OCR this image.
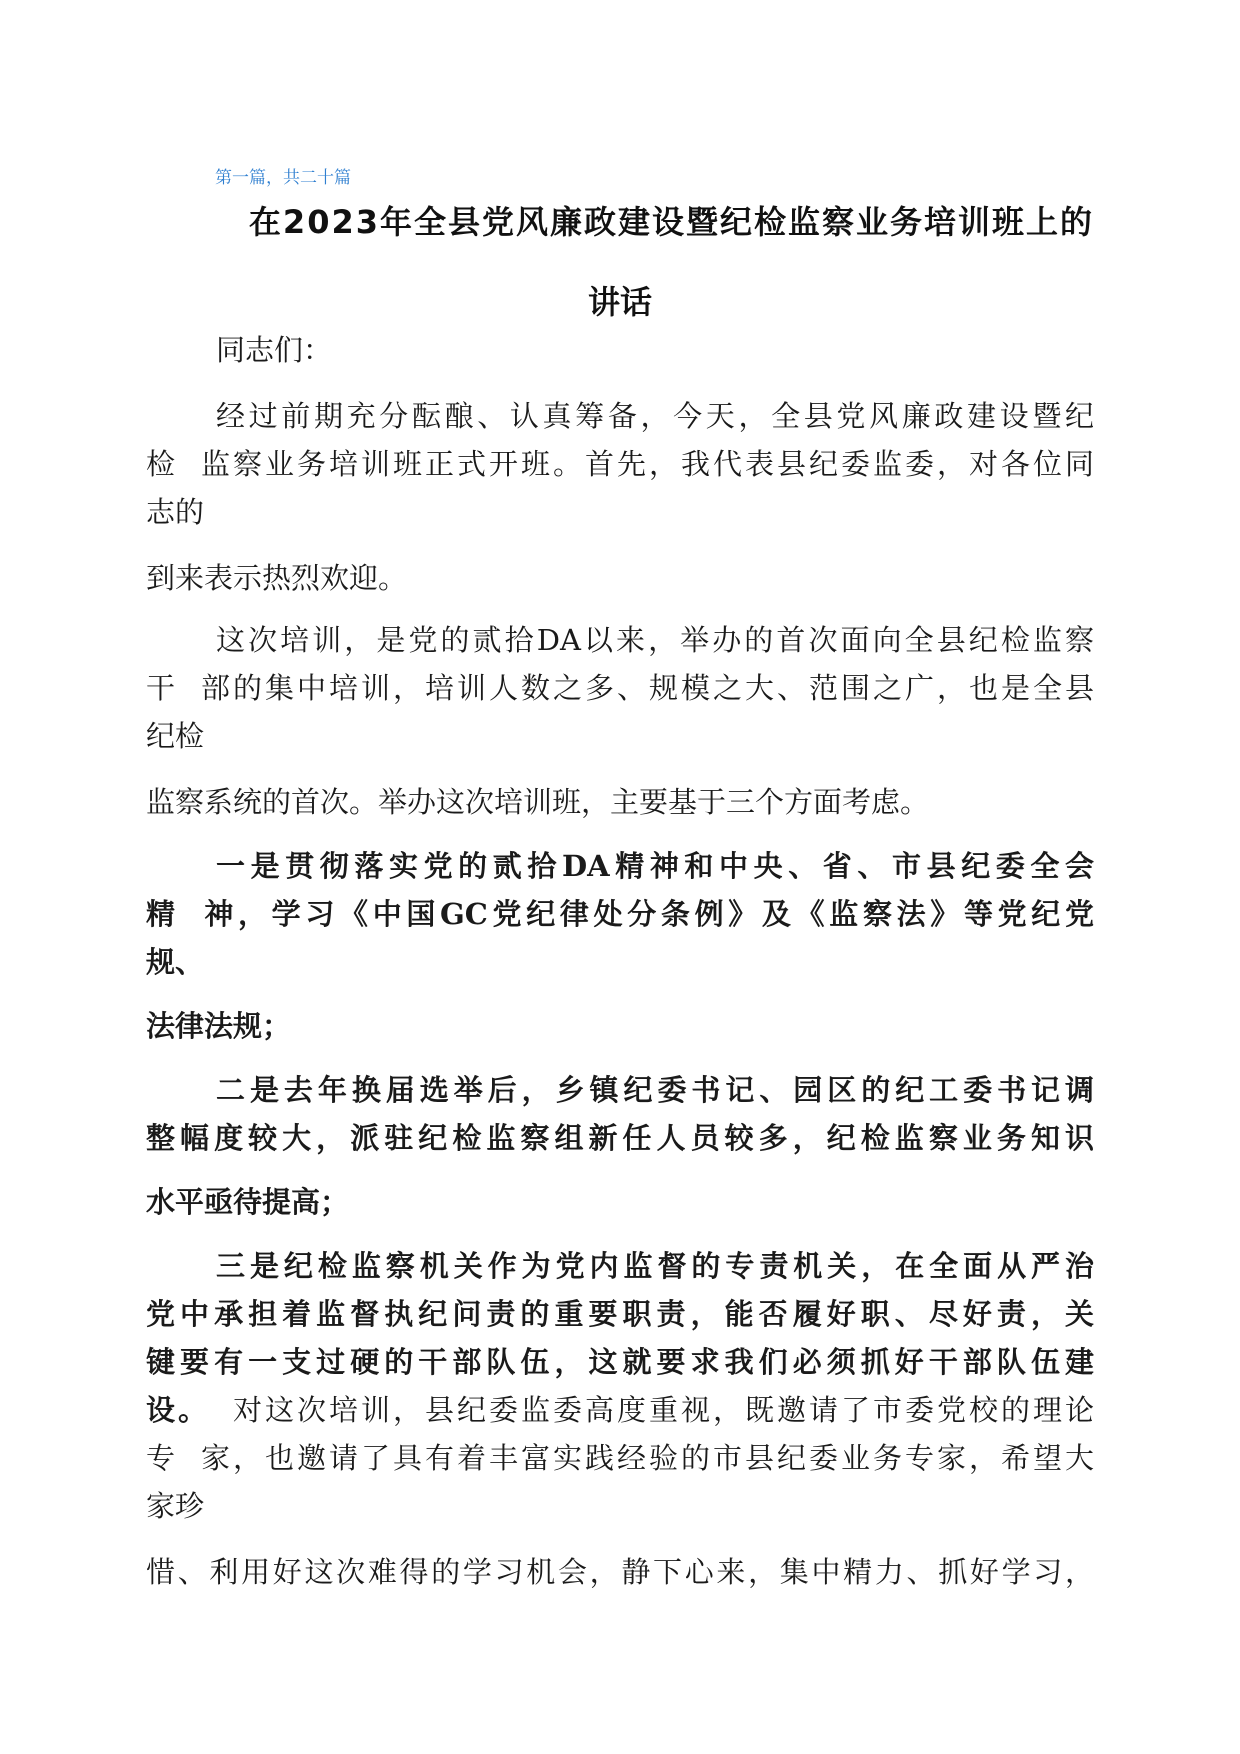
第一篇，共二十篇
在2023年全县党风廉政建设暨纪检监察业务培训班上的
讲话

同志们：

经过前期充分酝酿、认真筹备，今天，全县党风廉政建设暨纪

检 监察业务培训班正式开班。首先，我代表县纪委监委，对各位同

志的

到来表示热烈欢迎。

这次培训，是党的贰拾DA以来，举办的首次面向全县纪检监察

干 部的集中培训，培训人数之多、规模之大、范围之广，也是全县

纪检

监察系统的首次。举办这次培训班，主要基于三个方面考虑。

一是贯彻落实党的贰拾DA精神和中央、省、市县纪委全会

精 神，学习《中国GC党纪律处分条例》及《监察法》等党纪党

规、

法律法规；

二是去年换届选举后，乡镇纪委书记、园区的纪工委书记调

整幅度较大，派驻纪检监察组新任人员较多，纪检监察业务知识

水平亟待提高；

三是纪检监察机关作为党内监督的专责机关，在全面从严治

党中承担着监督执纪问责的重要职责，能否履好职、尽好责，关

键要有一支过硬的干部队伍，这就要求我们必须抓好干部队伍建

设。 对这次培训，县纪委监委高度重视，既邀请了市委党校的理论

专 家，也邀请了具有着丰富实践经验的市县纪委业务专家，希望大

家珍

惜、利用好这次难得的学习机会，静下心来，集中精力、抓好学习，
